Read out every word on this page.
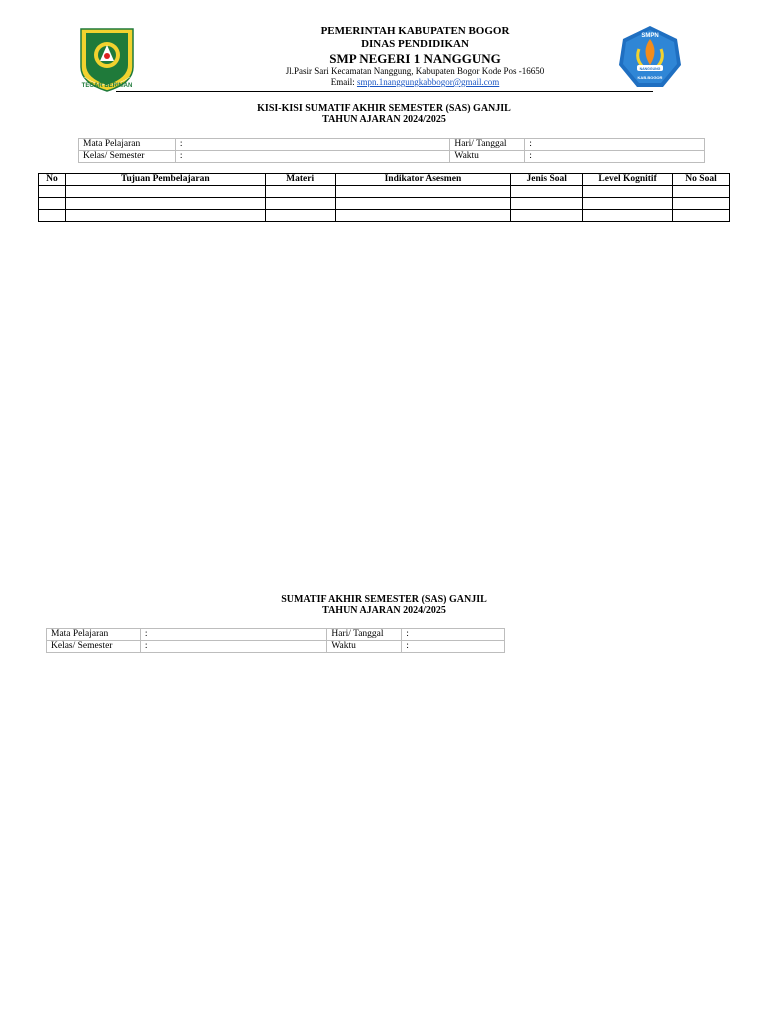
TEGAR BERIMAN
PEMERINTAH KABUPATEN BOGOR
DINAS PENDIDIKAN
SMP NEGERI 1 NANGGUNG
Jl.Pasir Sari Kecamatan Nanggung, Kabupaten Bogor Kode Pos -16650
Email: smpn.1nanggungkabbogor@gmail.com
SMPN
NANGGUNG
KAB.BOGOR
KISI-KISI SUMATIF AKHIR SEMESTER (SAS) GANJIL
TAHUN AJARAN 2024/2025
Mata Pelajaran	:	Hari/ Tanggal	:
Kelas/ Semester	:	Waktu	:
No	Tujuan Pembelajaran	Materi	Indikator Asesmen	Jenis Soal	Level Kognitif	No Soal

SUMATIF AKHIR SEMESTER (SAS) GANJIL
TAHUN AJARAN 2024/2025
Mata Pelajaran	:	Hari/ Tanggal	:
Kelas/ Semester	:	Waktu	:
